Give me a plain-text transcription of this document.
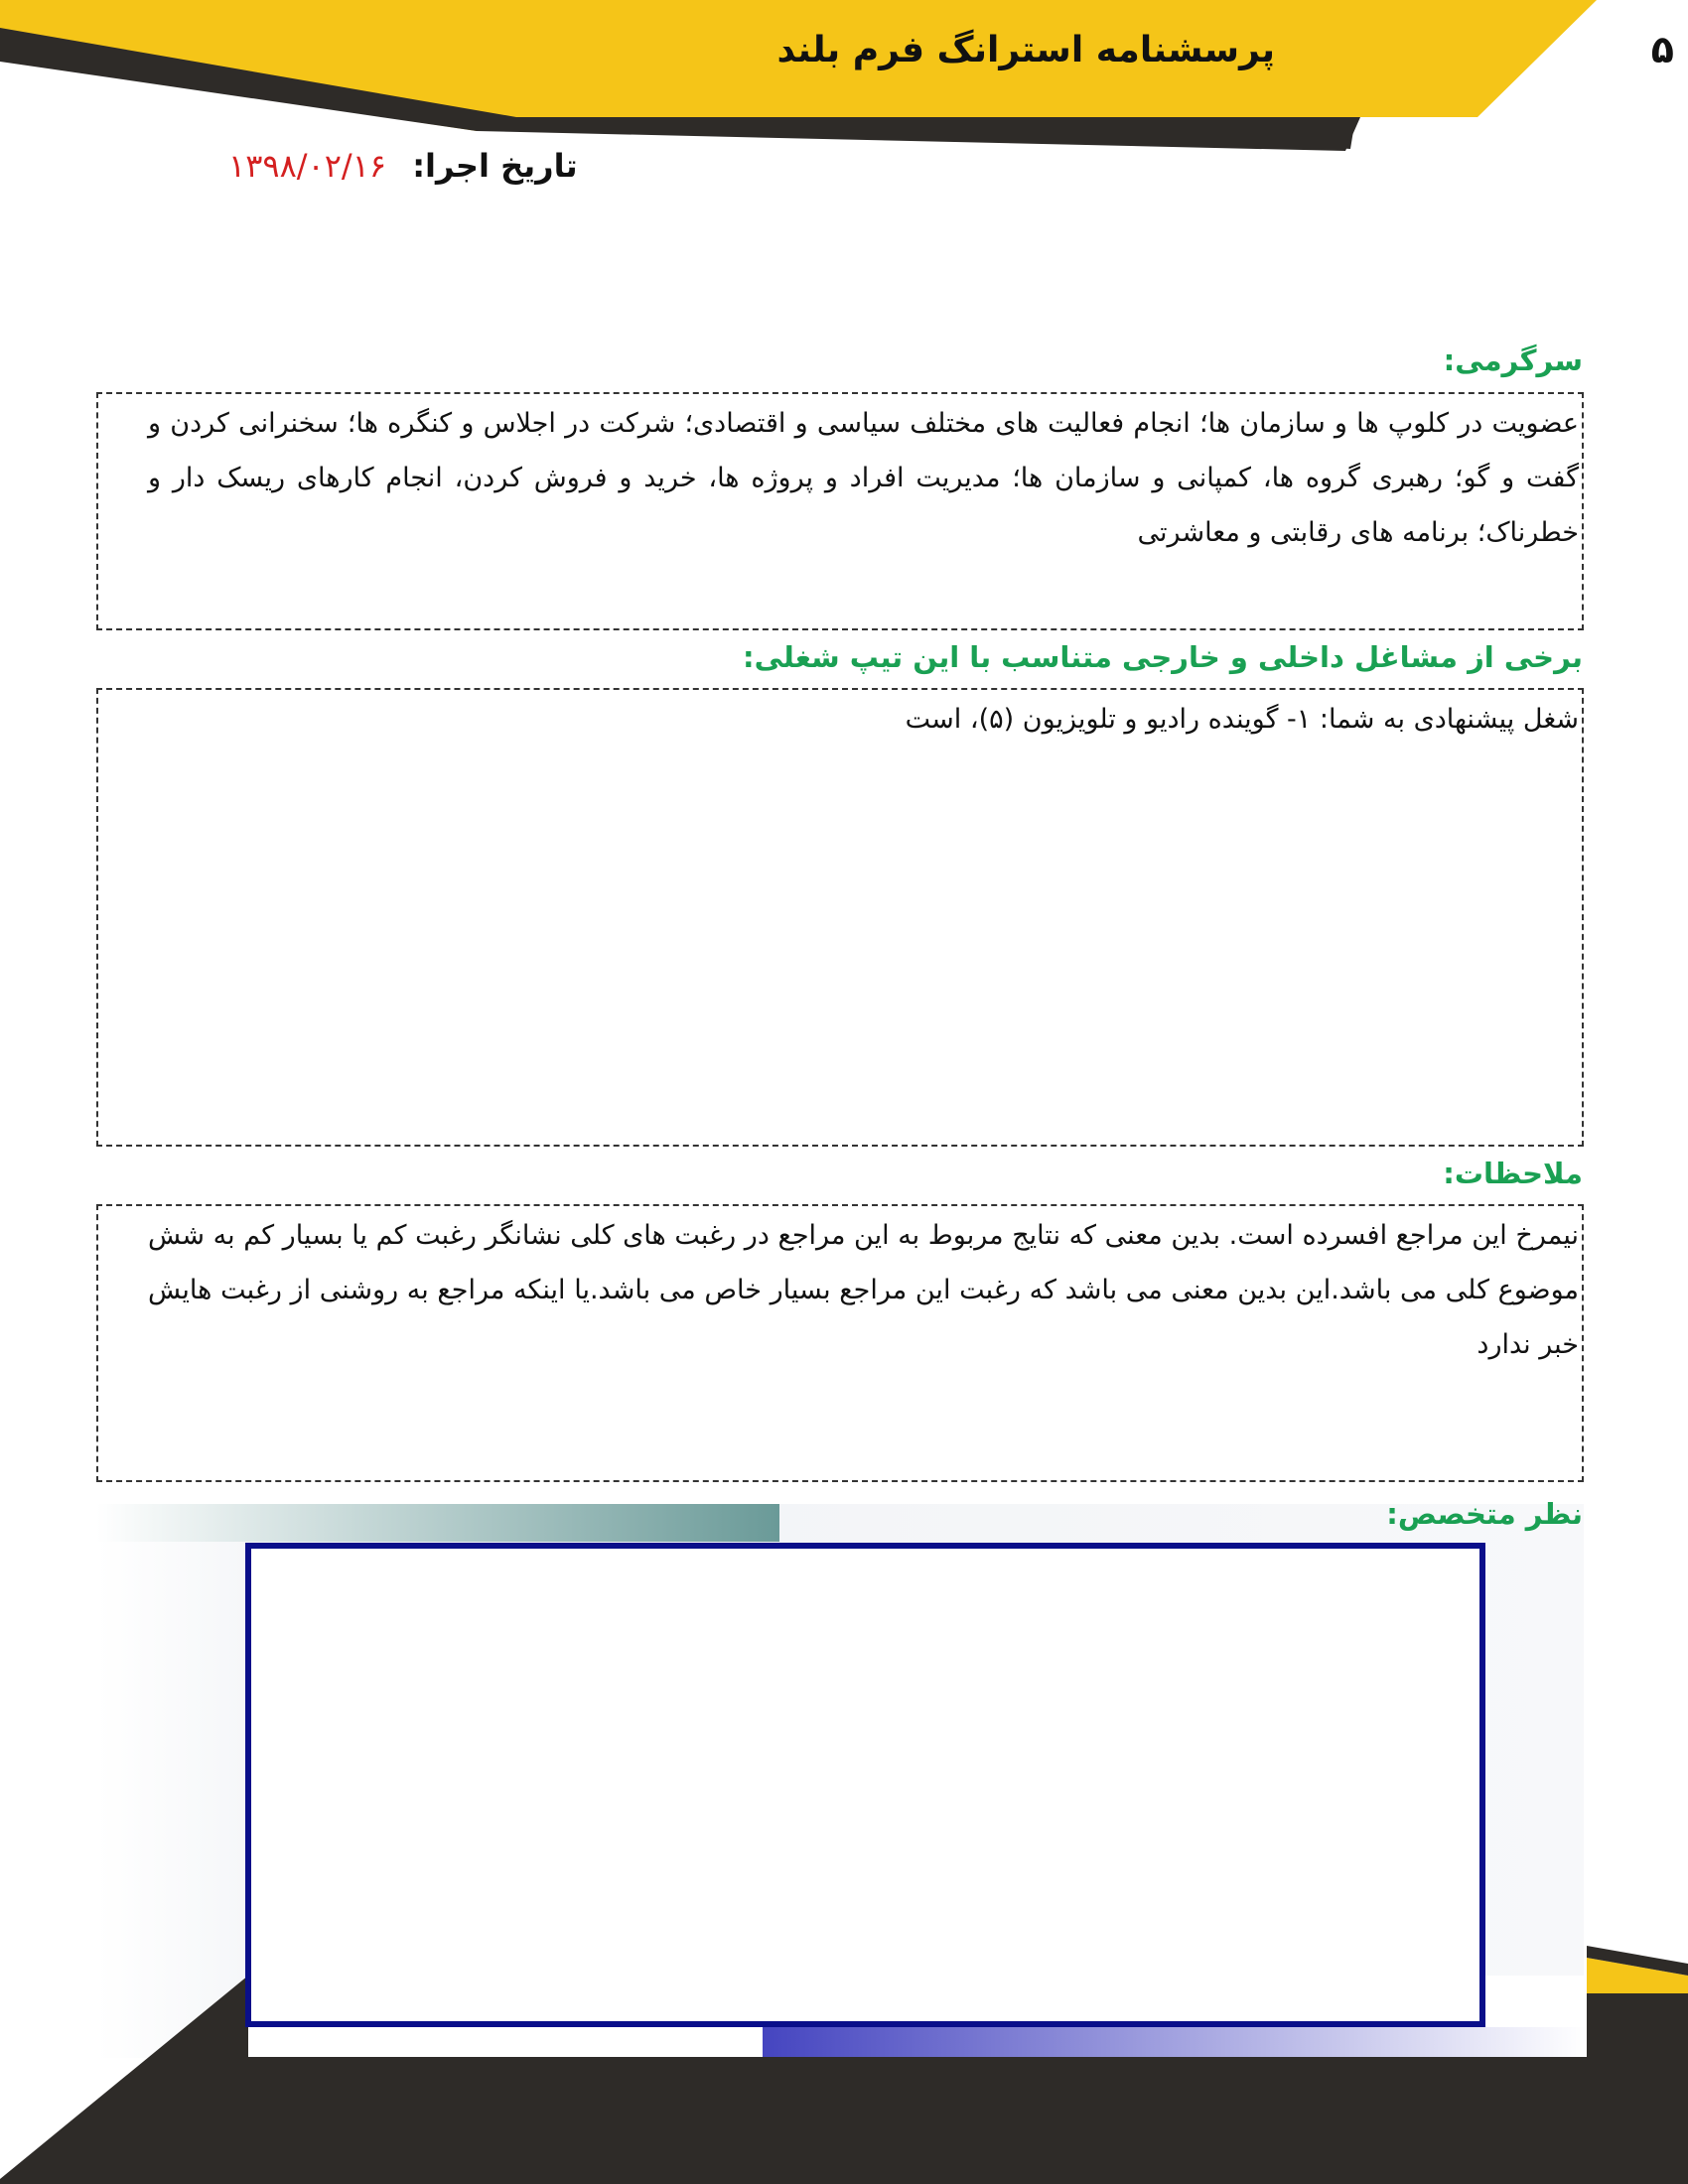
۵
پرسشنامه استرانگ فرم بلند
تاریخ اجرا: ۱۳۹۸/۰۲/۱۶
سرگرمی:
عضویت در کلوپ ها و سازمان ها؛ انجام فعالیت های مختلف سیاسی و اقتصادی؛ شرکت در اجلاس و کنگره ها؛ سخنرانی کردن و گفت و گو؛ رهبری گروه ها، کمپانی و سازمان ها؛ مدیریت افراد و پروژه ها، خرید و فروش کردن، انجام کارهای ریسک دار و خطرناک؛ برنامه های رقابتی و معاشرتی
برخی از مشاغل داخلی و خارجی متناسب با این تیپ شغلی:
شغل پیشنهادی به شما: ۱- گوینده رادیو و تلویزیون (۵)، است
ملاحظات:
نیمرخ این مراجع افسرده است. بدین معنی که نتایج مربوط به این مراجع در رغبت های کلی نشانگر رغبت کم یا بسیار کم به شش موضوع کلی می باشد.این بدین معنی می باشد که رغبت این مراجع بسیار خاص می باشد.یا اینکه مراجع به روشنی از رغبت هایش خبر ندارد
نظر متخصص:
